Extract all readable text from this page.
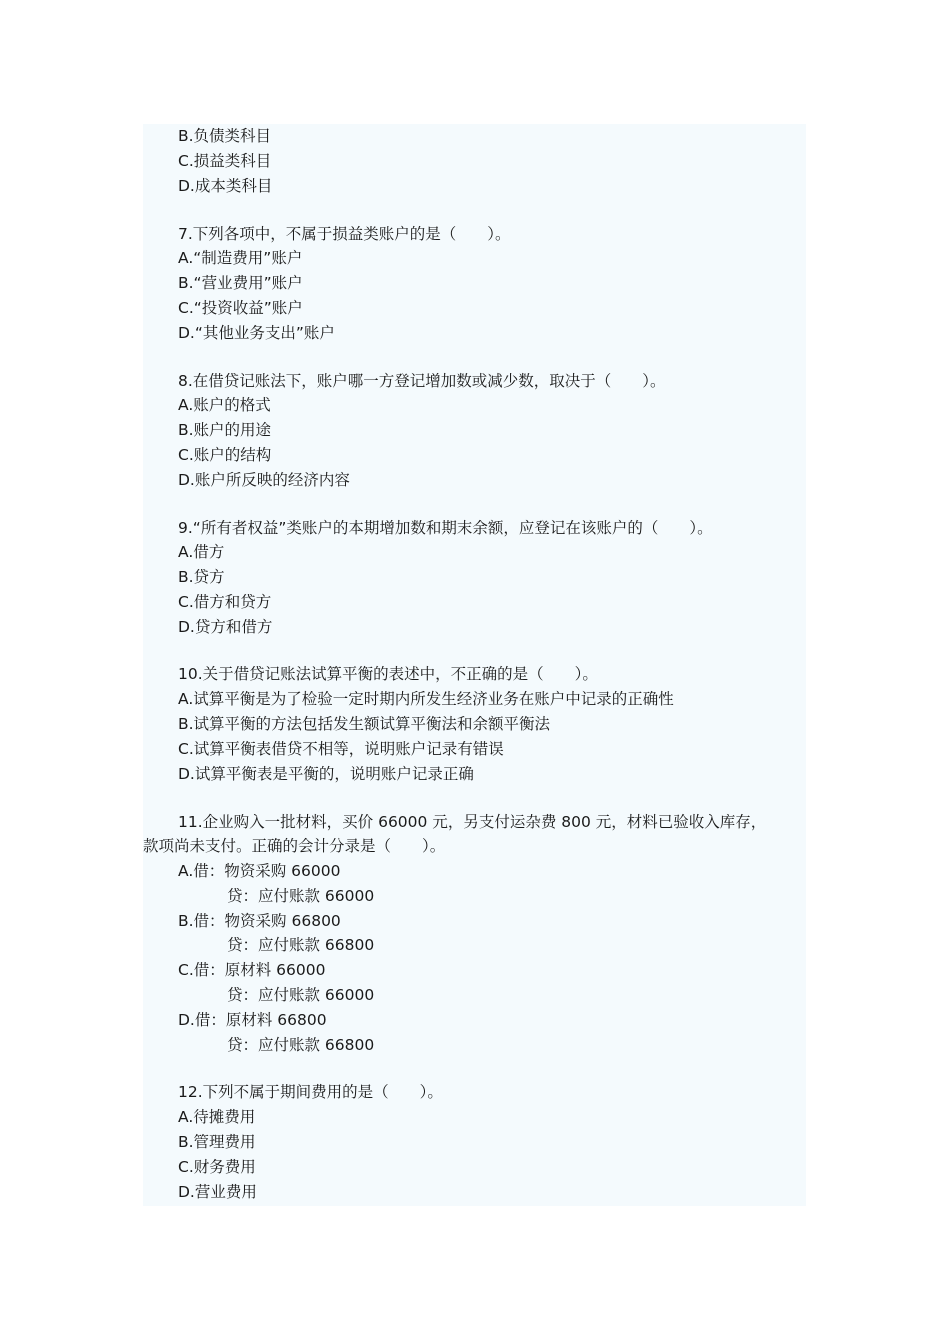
B.负债类科目
C.损益类科目
D.成本类科目
7.下列各项中，不属于损益类账户的是（　　）。
A.“制造费用”账户
B.“营业费用”账户
C.“投资收益”账户
D.“其他业务支出”账户
8.在借贷记账法下，账户哪一方登记增加数或减少数，取决于（　　）。
A.账户的格式
B.账户的用途
C.账户的结构
D.账户所反映的经济内容
9.“所有者权益”类账户的本期增加数和期末余额，应登记在该账户的（　　）。
A.借方
B.贷方
C.借方和贷方
D.贷方和借方
10.关于借贷记账法试算平衡的表述中，不正确的是（　　）。
A.试算平衡是为了检验一定时期内所发生经济业务在账户中记录的正确性
B.试算平衡的方法包括发生额试算平衡法和余额平衡法
C.试算平衡表借贷不相等，说明账户记录有错误
D.试算平衡表是平衡的，说明账户记录正确
11.企业购入一批材料，买价 66000 元，另支付运杂费 800 元，材料已验收入库存，
款项尚未支付。正确的会计分录是（　　）。
A.借：物资采购 66000
贷：应付账款 66000
B.借：物资采购 66800
贷：应付账款 66800
C.借：原材料 66000
贷：应付账款 66000
D.借：原材料 66800
贷：应付账款 66800
12.下列不属于期间费用的是（　　）。
A.待摊费用
B.管理费用
C.财务费用
D.营业费用
